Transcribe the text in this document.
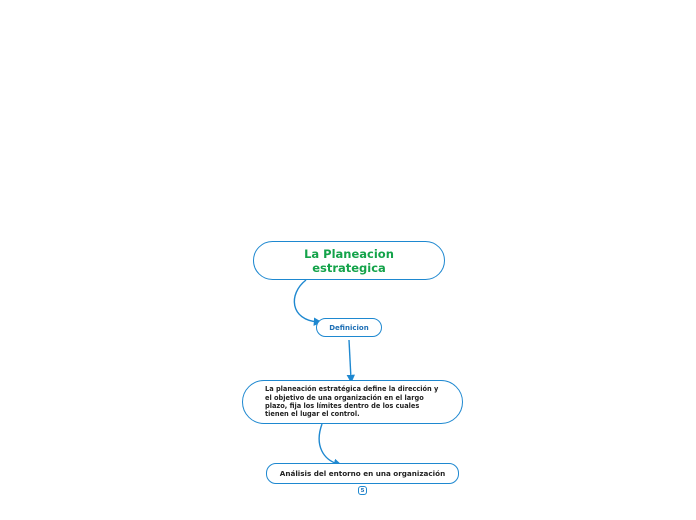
La Planeacion estrategica
Definicion
La planeación estratégica define la dirección y el objetivo de una organización en el largo plazo, fija los límites dentro de los cuales tienen el lugar el control.
Análisis del entorno en una organización
5
